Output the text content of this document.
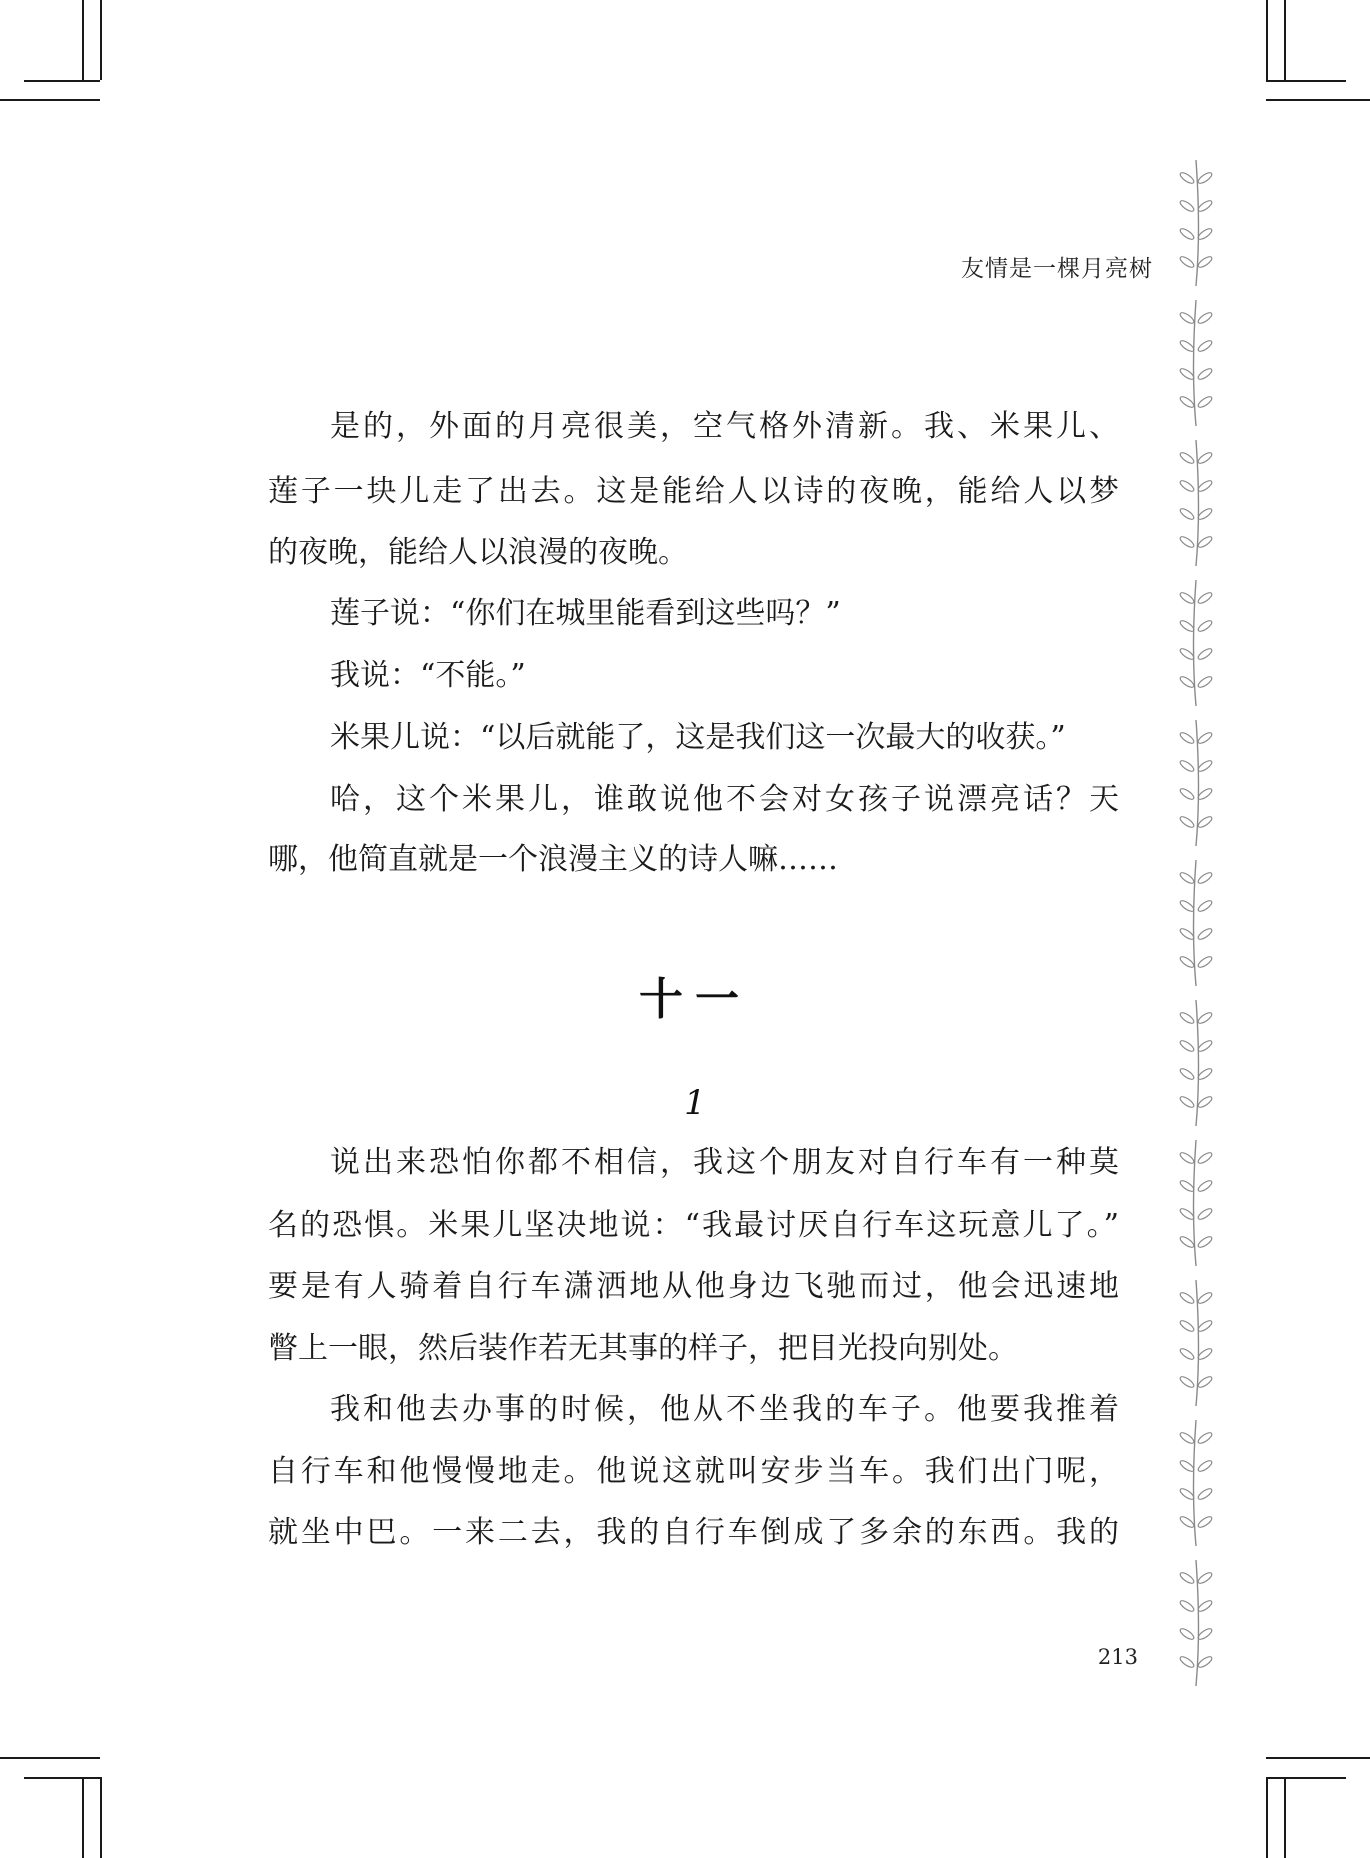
友情是一棵月亮树
是的，外面的月亮很美，空气格外清新。我、米果儿、
莲子一块儿走了出去。这是能给人以诗的夜晚，能给人以梦
的夜晚，能给人以浪漫的夜晚。
莲子说：“你们在城里能看到这些吗？”
我说：“不能。”
米果儿说：“以后就能了，这是我们这一次最大的收获。”
哈，这个米果儿，谁敢说他不会对女孩子说漂亮话？天
哪，他简直就是一个浪漫主义的诗人嘛……
十一
1
说出来恐怕你都不相信，我这个朋友对自行车有一种莫
名的恐惧。米果儿坚决地说：“我最讨厌自行车这玩意儿了。”
要是有人骑着自行车潇洒地从他身边飞驰而过，他会迅速地
瞥上一眼，然后装作若无其事的样子，把目光投向别处。
我和他去办事的时候，他从不坐我的车子。他要我推着
自行车和他慢慢地走。他说这就叫安步当车。我们出门呢，
就坐中巴。一来二去，我的自行车倒成了多余的东西。我的
213
